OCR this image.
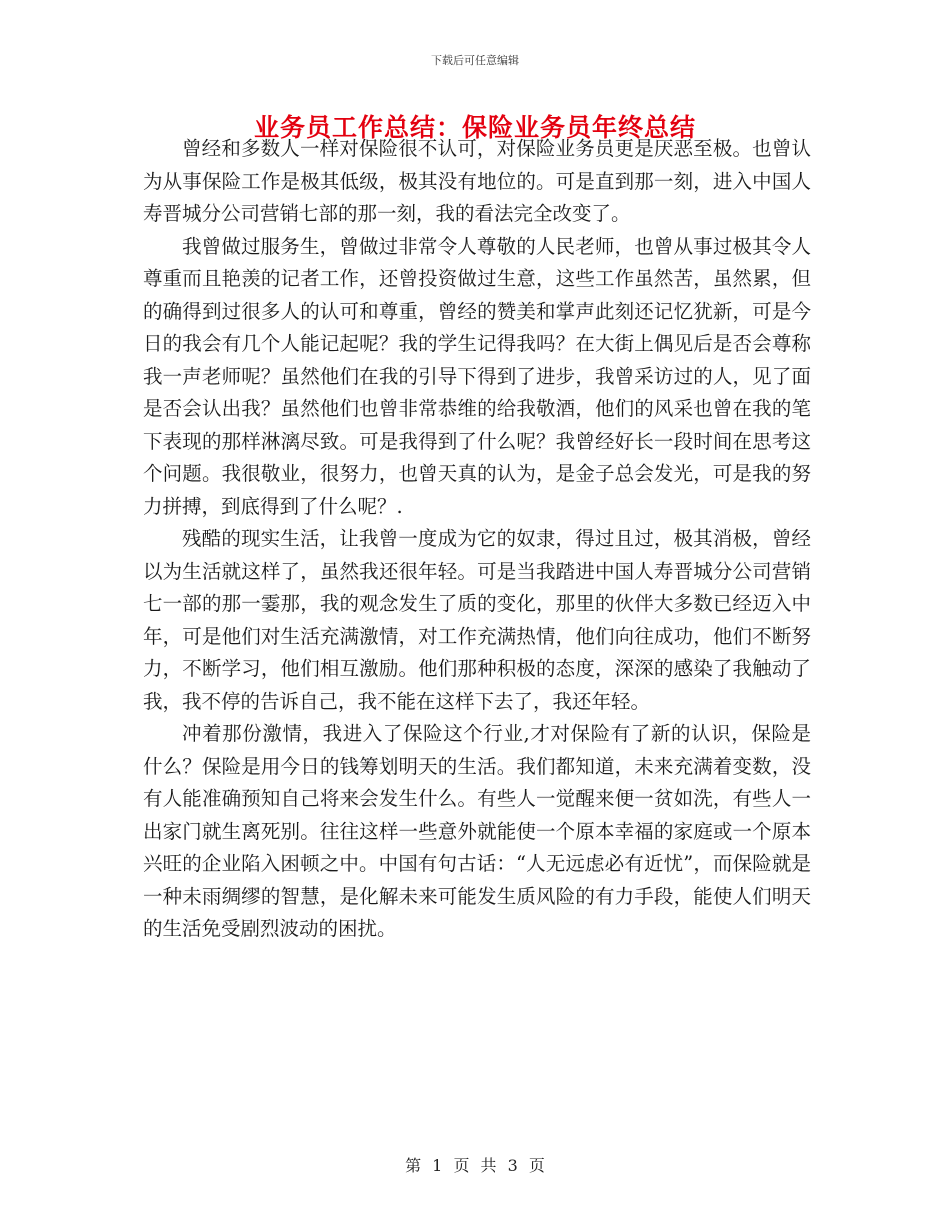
下载后可任意编辑
业务员工作总结：保险业务员年终总结

曾经和多数人一样对保险很不认可，对保险业务员更是厌恶至极。也曾认为从事保险工作是极其低级，极其没有地位的。可是直到那一刻，进入中国人寿晋城分公司营销七部的那一刻，我的看法完全改变了。

我曾做过服务生，曾做过非常令人尊敬的人民老师，也曾从事过极其令人尊重而且艳羡的记者工作，还曾投资做过生意，这些工作虽然苦，虽然累，但的确得到过很多人的认可和尊重，曾经的赞美和掌声此刻还记忆犹新，可是今日的我会有几个人能记起呢？我的学生记得我吗？在大街上偶见后是否会尊称我一声老师呢？虽然他们在我的引导下得到了进步，我曾采访过的人，见了面是否会认出我？虽然他们也曾非常恭维的给我敬酒，他们的风采也曾在我的笔下表现的那样淋漓尽致。可是我得到了什么呢？我曾经好长一段时间在思考这个问题。我很敬业，很努力，也曾天真的认为，是金子总会发光，可是我的努力拼搏，到底得到了什么呢？.

残酷的现实生活，让我曾一度成为它的奴隶，得过且过，极其消极，曾经以为生活就这样了，虽然我还很年轻。可是当我踏进中国人寿晋城分公司营销七一部的那一霎那，我的观念发生了质的变化，那里的伙伴大多数已经迈入中年，可是他们对生活充满激情，对工作充满热情，他们向往成功，他们不断努力，不断学习，他们相互激励。他们那种积极的态度，深深的感染了我触动了我，我不停的告诉自己，我不能在这样下去了，我还年轻。

冲着那份激情，我进入了保险这个行业,才对保险有了新的认识，保险是什么？保险是用今日的钱筹划明天的生活。我们都知道，未来充满着变数，没有人能准确预知自己将来会发生什么。有些人一觉醒来便一贫如洗，有些人一出家门就生离死别。往往这样一些意外就能使一个原本幸福的家庭或一个原本兴旺的企业陷入困顿之中。中国有句古话：“人无远虑必有近忧”，而保险就是一种未雨绸缪的智慧，是化解未来可能发生质风险的有力手段，能使人们明天的生活免受剧烈波动的困扰。

第 1 页 共 3 页
